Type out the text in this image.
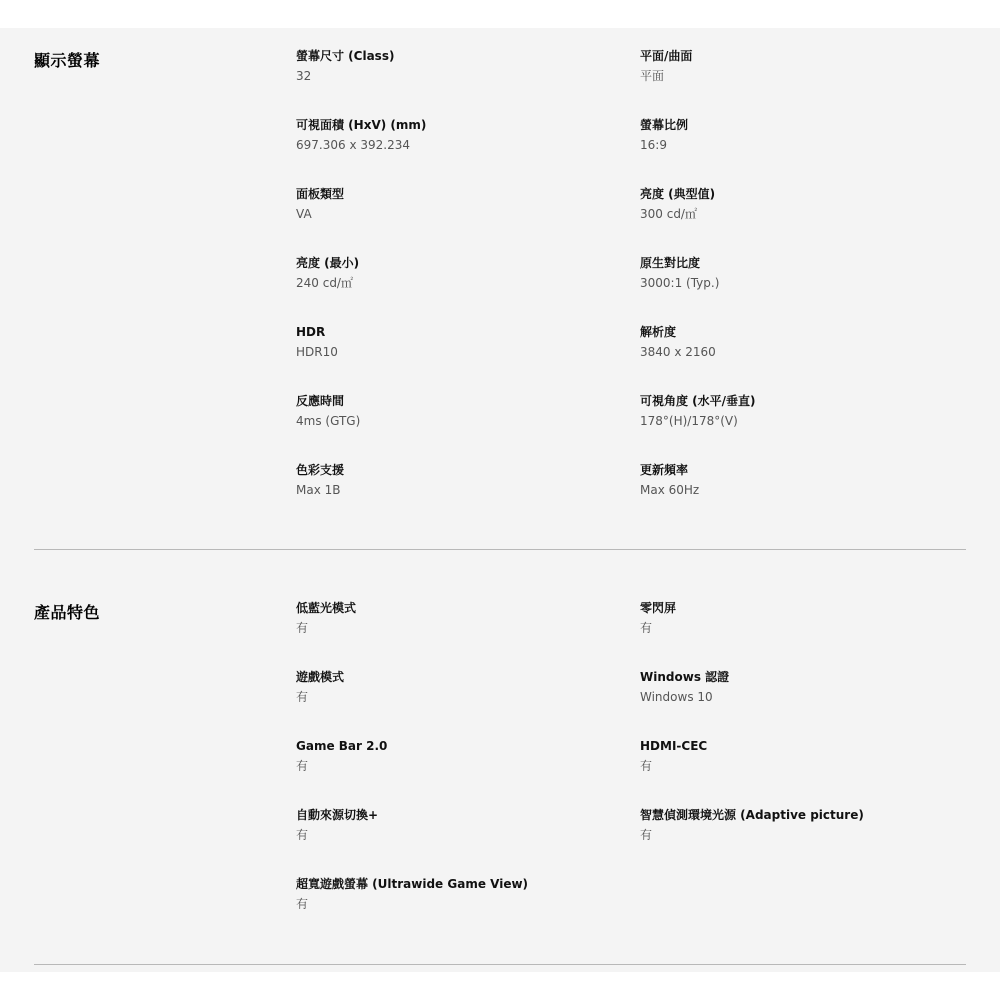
顯示螢幕	螢幕尺寸 (Class)
32
平面/曲面
平面
可視面積 (HxV) (mm)
697.306 x 392.234
螢幕比例
16:9
面板類型
VA
亮度 (典型值)
300 cd/㎡
亮度 (最小)
240 cd/㎡
原生對比度
3000:1 (Typ.)
HDR
HDR10
解析度
3840 x 2160
反應時間
4ms (GTG)
可視角度 (水平/垂直)
178°(H)/178°(V)
色彩支援
Max 1B
更新頻率
Max 60Hz
產品特色	低藍光模式
有
零閃屏
有
遊戲模式
有
Windows 認證
Windows 10
Game Bar 2.0
有
HDMI-CEC
有
自動來源切換+
有
智慧偵測環境光源 (Adaptive picture)
有
超寬遊戲螢幕 (Ultrawide Game View)
有
